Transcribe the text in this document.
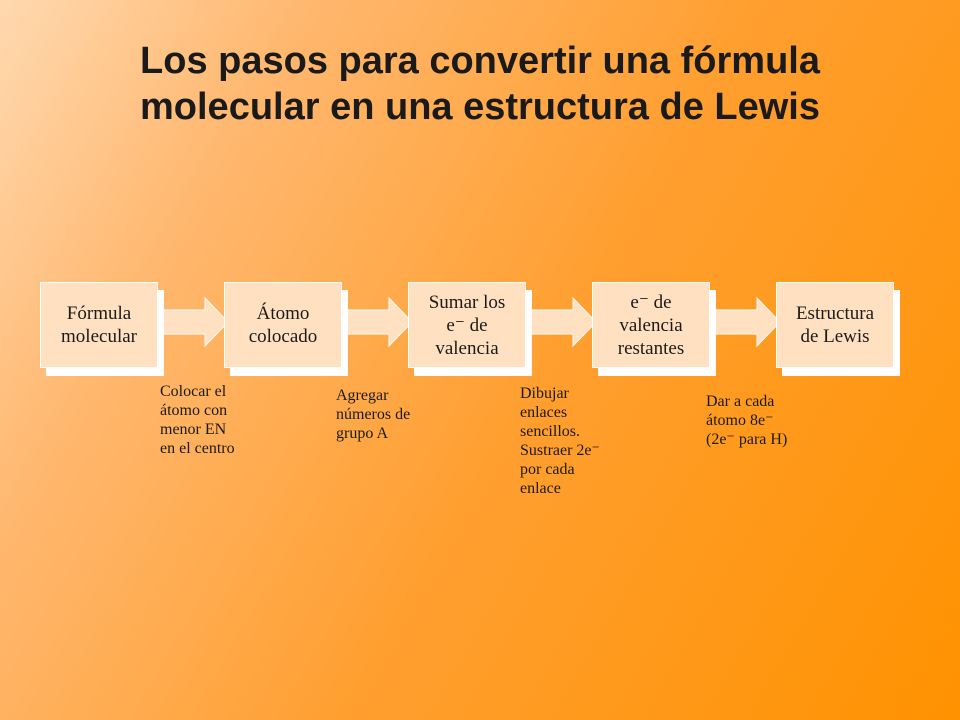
Los pasos para convertir una fórmula
molecular en una estructura de Lewis
Fórmula
molecular
Átomo
colocado
Sumar los
e⁻ de
valencia
e⁻ de
valencia
restantes
Estructura
de Lewis
Colocar el
átomo con
menor EN
en el centro
Agregar
números de
grupo A
Dibujar
enlaces
sencillos.
Sustraer 2e⁻
por cada
enlace
Dar a cada
átomo 8e⁻
(2e⁻ para H)
